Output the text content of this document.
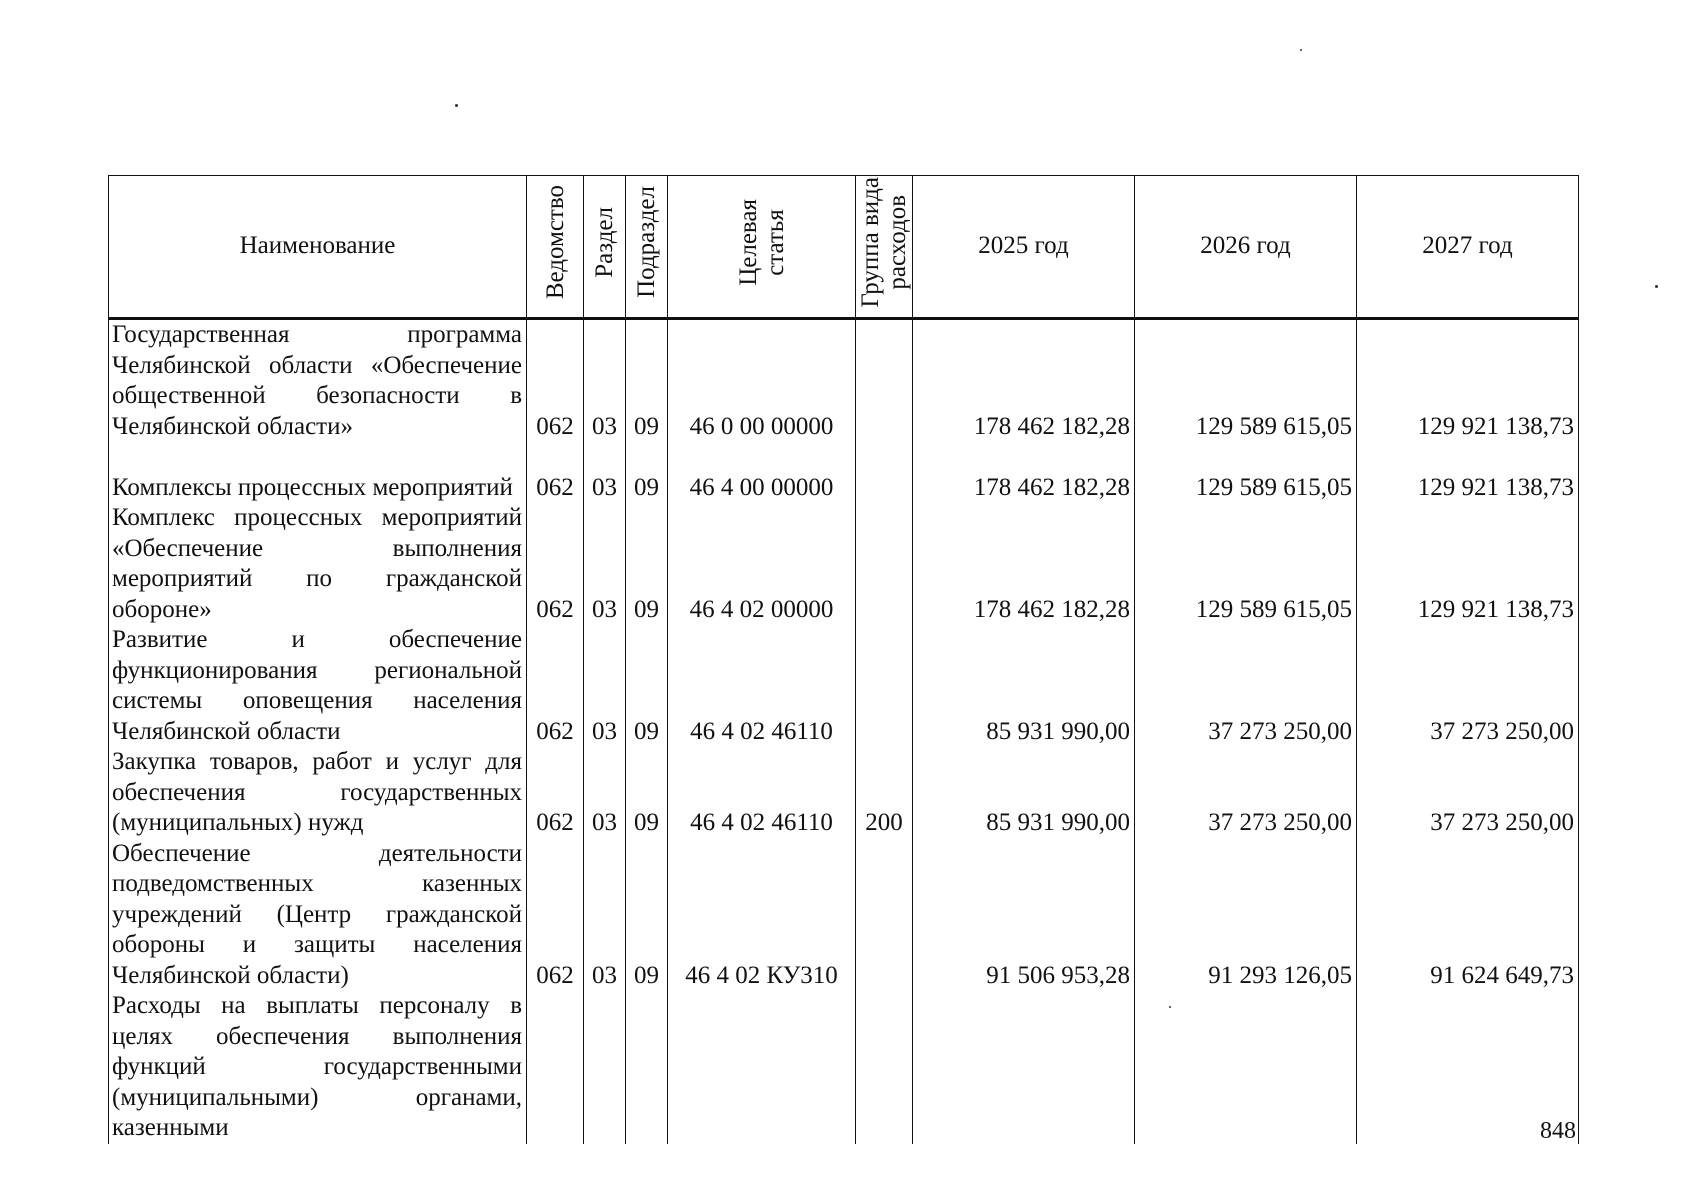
Наименование	Ведомство	Раздел	Подраздел	Целевая
статья	Группа вида
расходов	2025 год	2026 год	2027 год
Государственная программа Челябинской области «Обеспечение общественной безопасности в Челябинской области»	062	03	09	46 0 00 00000		178 462 182,28	129 589 615,05	129 921 138,73
Комплексы процессных мероприятий	062	03	09	46 4 00 00000		178 462 182,28	129 589 615,05	129 921 138,73
Комплекс процессных мероприятий «Обеспечение выполнения мероприятий по гражданской обороне»	062	03	09	46 4 02 00000		178 462 182,28	129 589 615,05	129 921 138,73
Развитие и обеспечение функционирования региональной системы оповещения населения Челябинской области	062	03	09	46 4 02 46110		85 931 990,00	37 273 250,00	37 273 250,00
Закупка товаров, работ и услуг для обеспечения государственных (муниципальных) нужд	062	03	09	46 4 02 46110	200	85 931 990,00	37 273 250,00	37 273 250,00
Обеспечение деятельности подведомственных казенных учреждений (Центр гражданской обороны и защиты населения Челябинской области)	062	03	09	46 4 02 КУ310		91 506 953,28	91 293 126,05	91 624 649,73
Расходы на выплаты персоналу в целях обеспечения выполнения функций государственными (муниципальными) органами, казенными									848
